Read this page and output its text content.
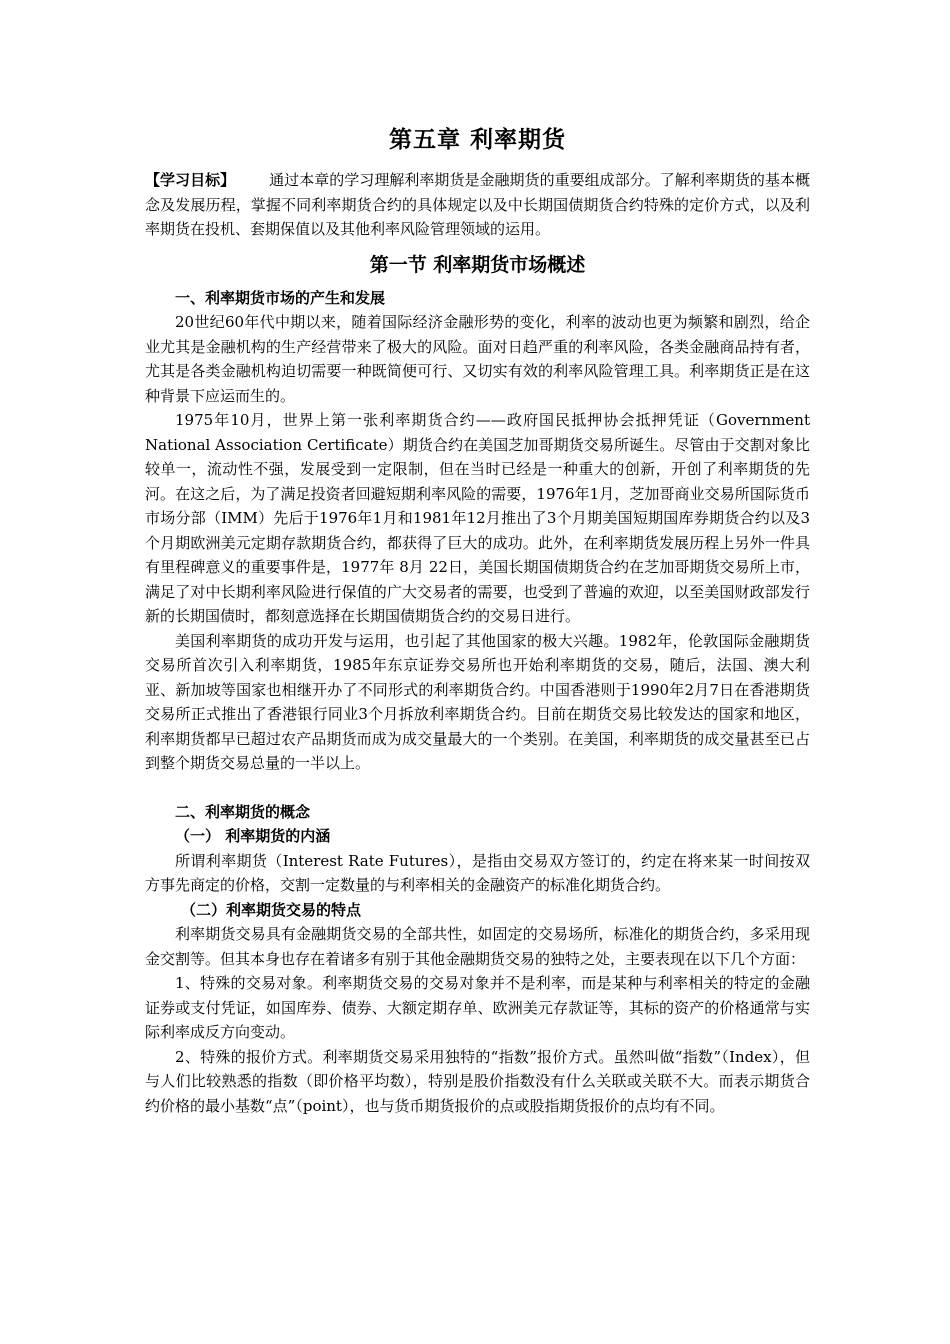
第五章 利率期货

【学习目标】 通过本章的学习理解利率期货是金融期货的重要组成部分。了解利率期货的基本概念及发展历程，掌握不同利率期货合约的具体规定以及中长期国债期货合约特殊的定价方式，以及利率期货在投机、套期保值以及其他利率风险管理领域的运用。

第一节 利率期货市场概述
一、利率期货市场的产生和发展

20世纪60年代中期以来，随着国际经济金融形势的变化，利率的波动也更为频繁和剧烈，给企业尤其是金融机构的生产经营带来了极大的风险。面对日趋严重的利率风险，各类金融商品持有者，尤其是各类金融机构迫切需要一种既简便可行、又切实有效的利率风险管理工具。利率期货正是在这种背景下应运而生的。

1975年10月，世界上第一张利率期货合约——政府国民抵押协会抵押凭证（Government National Association Certificate）期货合约在美国芝加哥期货交易所诞生。尽管由于交割对象比较单一，流动性不强，发展受到一定限制，但在当时已经是一种重大的创新，开创了利率期货的先河。在这之后，为了满足投资者回避短期利率风险的需要，1976年1月，芝加哥商业交易所国际货币市场分部（IMM）先后于1976年1月和1981年12月推出了3个月期美国短期国库券期货合约以及3个月期欧洲美元定期存款期货合约，都获得了巨大的成功。此外，在利率期货发展历程上另外一件具有里程碑意义的重要事件是，1977年 8月 22日，美国长期国债期货合约在芝加哥期货交易所上市，满足了对中长期利率风险进行保值的广大交易者的需要，也受到了普遍的欢迎，以至美国财政部发行新的长期国债时，都刻意选择在长期国债期货合约的交易日进行。

美国利率期货的成功开发与运用，也引起了其他国家的极大兴趣。1982年，伦敦国际金融期货交易所首次引入利率期货，1985年东京证券交易所也开始利率期货的交易，随后，法国、澳大利亚、新加坡等国家也相继开办了不同形式的利率期货合约。中国香港则于1990年2月7日在香港期货交易所正式推出了香港银行同业3个月拆放利率期货合约。目前在期货交易比较发达的国家和地区，利率期货都早已超过农产品期货而成为成交量最大的一个类别。在美国，利率期货的成交量甚至已占到整个期货交易总量的一半以上。

二、利率期货的概念
（一） 利率期货的内涵

所谓利率期货（Interest Rate Futures），是指由交易双方签订的，约定在将来某一时间按双方事先商定的价格，交割一定数量的与利率相关的金融资产的标准化期货合约。

（二）利率期货交易的特点

利率期货交易具有金融期货交易的全部共性，如固定的交易场所，标准化的期货合约，多采用现金交割等。但其本身也存在着诸多有别于其他金融期货交易的独特之处，主要表现在以下几个方面：

1、特殊的交易对象。利率期货交易的交易对象并不是利率，而是某种与利率相关的特定的金融证券或支付凭证，如国库券、债券、大额定期存单、欧洲美元存款证等，其标的资产的价格通常与实际利率成反方向变动。

2、特殊的报价方式。利率期货交易采用独特的“指数”报价方式。虽然叫做“指数”（Index），但与人们比较熟悉的指数（即价格平均数），特别是股价指数没有什么关联或关联不大。而表示期货合约价格的最小基数“点”（point），也与货币期货报价的点或股指期货报价的点均有不同。
